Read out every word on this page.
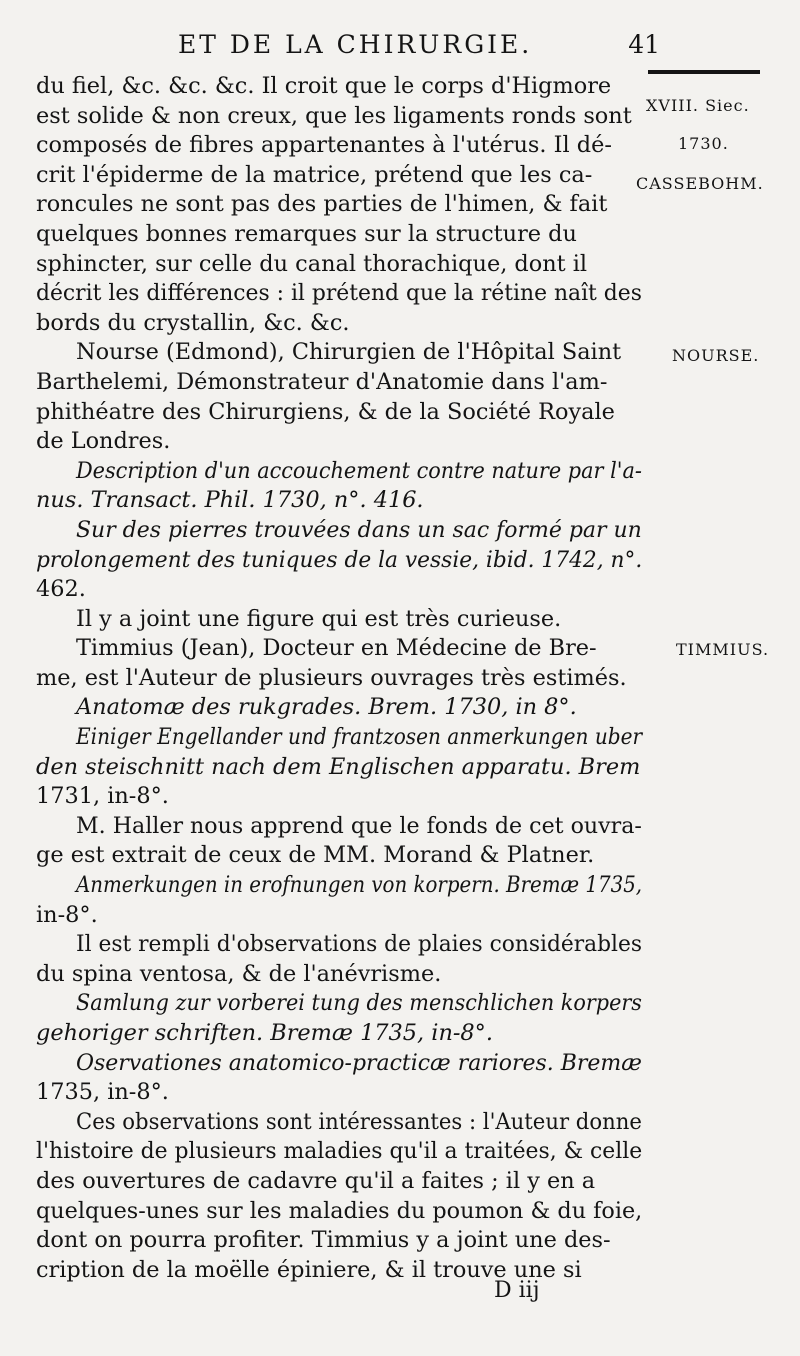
ET DE LA CHIRURGIE.	41
du fiel, &c. &c. &c. Il croit que le corps d'Higmore
est solide & non creux, que les ligaments ronds sont
composés de fibres appartenantes à l'utérus. Il dé-
crit l'épiderme de la matrice, prétend que les ca-
roncules ne sont pas des parties de l'himen, & fait
quelques bonnes remarques sur la structure du
sphincter, sur celle du canal thorachique, dont il
décrit les différences : il prétend que la rétine naît des
bords du crystallin, &c. &c.
Nourse (Edmond), Chirurgien de l'Hôpital Saint
Barthelemi, Démonstrateur d'Anatomie dans l'am-
phithéatre des Chirurgiens, & de la Société Royale
de Londres.
Description d'un accouchement contre nature par l'a-
nus. Transact. Phil. 1730, n°. 416.
Sur des pierres trouvées dans un sac formé par un
prolongement des tuniques de la vessie, ibid. 1742, n°.
462.
Il y a joint une figure qui est très curieuse.
Timmius (Jean), Docteur en Médecine de Bre-
me, est l'Auteur de plusieurs ouvrages très estimés.
Anatomæ des rukgrades. Brem. 1730, in 8°.
Einiger Engellander und frantzosen anmerkungen uber
den steischnitt nach dem Englischen apparatu. Brem
1731, in-8°.
M. Haller nous apprend que le fonds de cet ouvra-
ge est extrait de ceux de MM. Morand & Platner.
Anmerkungen in erofnungen von korpern. Bremæ 1735,
in-8°.
Il est rempli d'observations de plaies considérables
du spina ventosa, & de l'anévrisme.
Samlung zur vorberei tung des menschlichen korpers
gehoriger schriften. Bremæ 1735, in-8°.
Oservationes anatomico-practicæ rariores. Bremæ
1735, in-8°.
Ces observations sont intéressantes : l'Auteur donne
l'histoire de plusieurs maladies qu'il a traitées, & celle
des ouvertures de cadavre qu'il a faites ; il y en a
quelques-unes sur les maladies du poumon & du foie,
dont on pourra profiter. Timmius y a joint une des-
cription de la moëlle épiniere, & il trouve une si
XVIII. Siec.
1730.
CASSEBOHM.
NOURSE.
TIMMIUS.
D iij
